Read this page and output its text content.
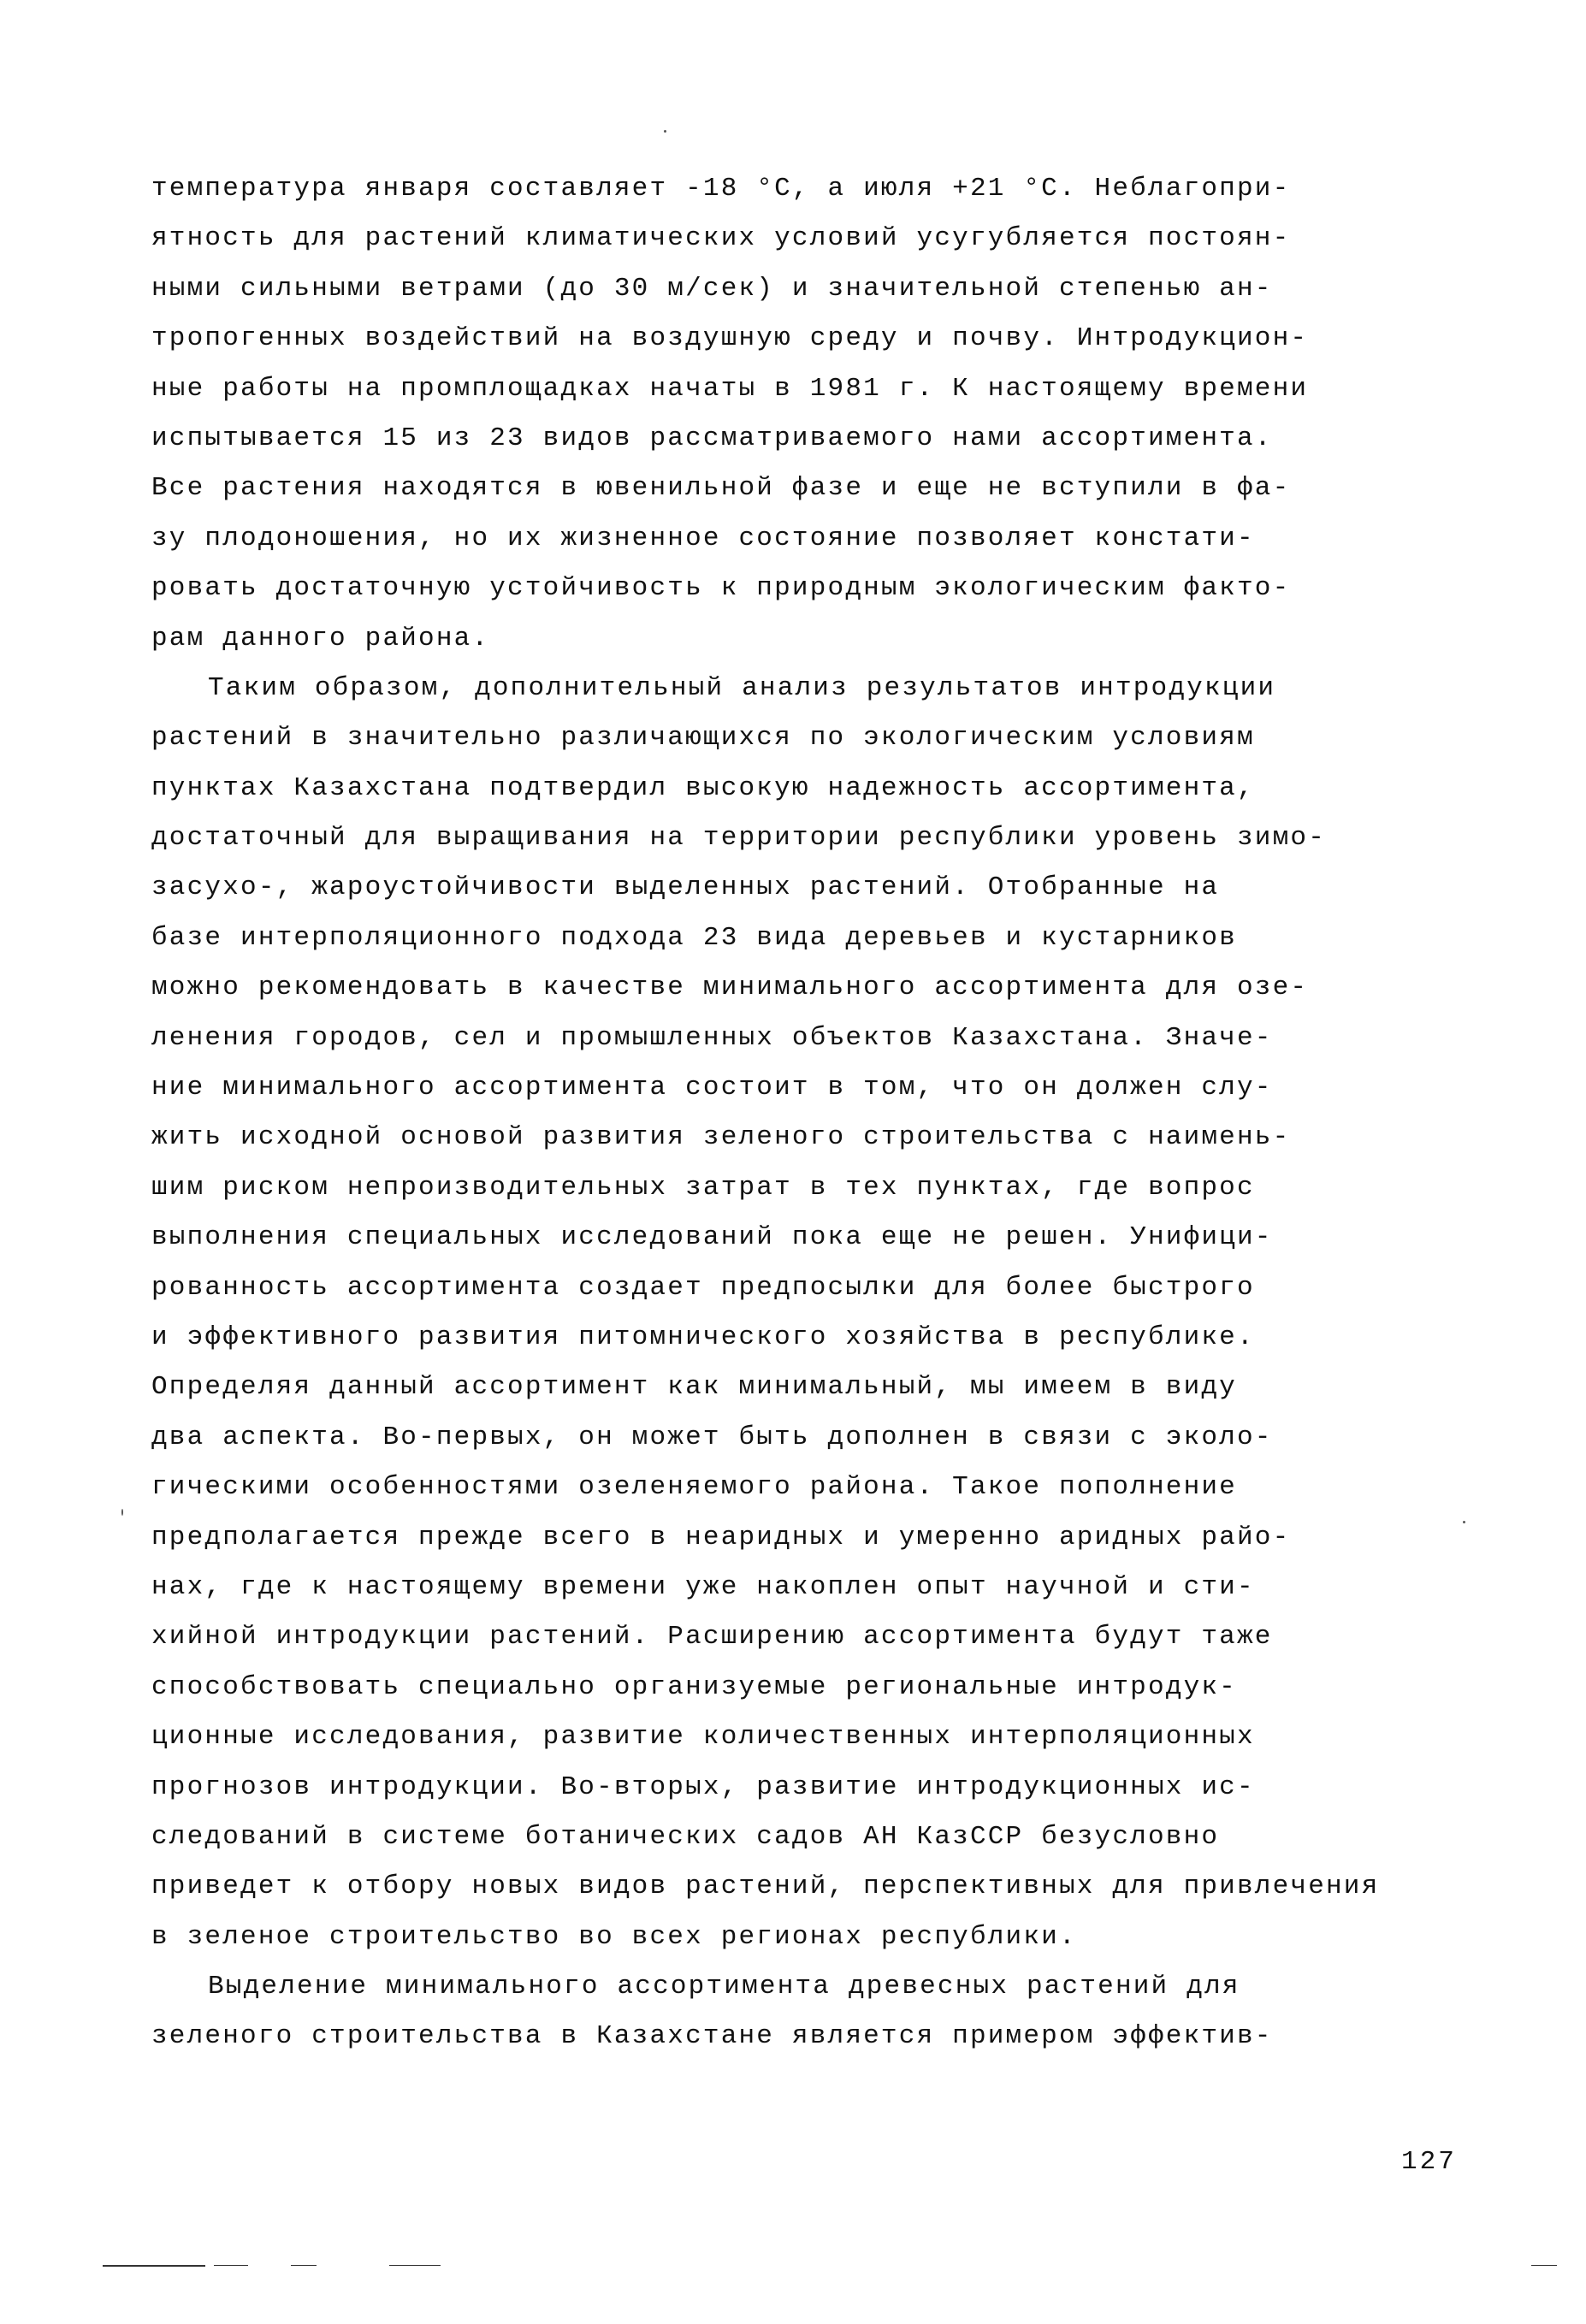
температура января составляет -18 °С, а июля +21 °С. Неблагопри-
ятность для растений климатических условий усугубляется постоян-
ными сильными ветрами (до 30 м/сек) и значительной степенью ан-
тропогенных воздействий на воздушную среду и почву. Интродукцион-
ные работы на промплощадках начаты в 1981 г. К настоящему времени
испытывается 15 из 23 видов рассматриваемого нами ассортимента.
Все растения находятся в ювенильной фазе и еще не вступили в фа-
зу плодоношения, но их жизненное состояние позволяет констати-
ровать достаточную устойчивость к природным экологическим факто-
рам данного района.
Таким образом, дополнительный анализ результатов интродукции
растений в значительно различающихся по экологическим условиям
пунктах Казахстана подтвердил высокую надежность ассортимента,
достаточный для выращивания на территории республики уровень зимо-
засухо-, жароустойчивости выделенных растений. Отобранные на
базе интерполяционного подхода 23 вида деревьев и кустарников
можно рекомендовать в качестве минимального ассортимента для озе-
ленения городов, сел и промышленных объектов Казахстана. Значе-
ние минимального ассортимента состоит в том, что он должен слу-
жить исходной основой развития зеленого строительства с наимень-
шим риском непроизводительных затрат в тех пунктах, где вопрос
выполнения специальных исследований пока еще не решен. Унифици-
рованность ассортимента создает предпосылки для более быстрого
и эффективного развития питомнического хозяйства в республике.
Определяя данный ассортимент как минимальный, мы имеем в виду
два аспекта. Во-первых, он может быть дополнен в связи с эколо-
гическими особенностями озеленяемого района. Такое пополнение
предполагается прежде всего в неаридных и умеренно аридных райо-
нах, где к настоящему времени уже накоплен опыт научной и сти-
хийной интродукции растений. Расширению ассортимента будут таже
способствовать специально организуемые региональные интродук-
ционные исследования, развитие количественных интерполяционных
прогнозов интродукции. Во-вторых, развитие интродукционных ис-
следований в системе ботанических садов АН КазССР безусловно
приведет к отбору новых видов растений, перспективных для привлечения
в зеленое строительство во всех регионах республики.
Выделение минимального ассортимента древесных растений для
зеленого строительства в Казахстане является примером эффектив-
127
